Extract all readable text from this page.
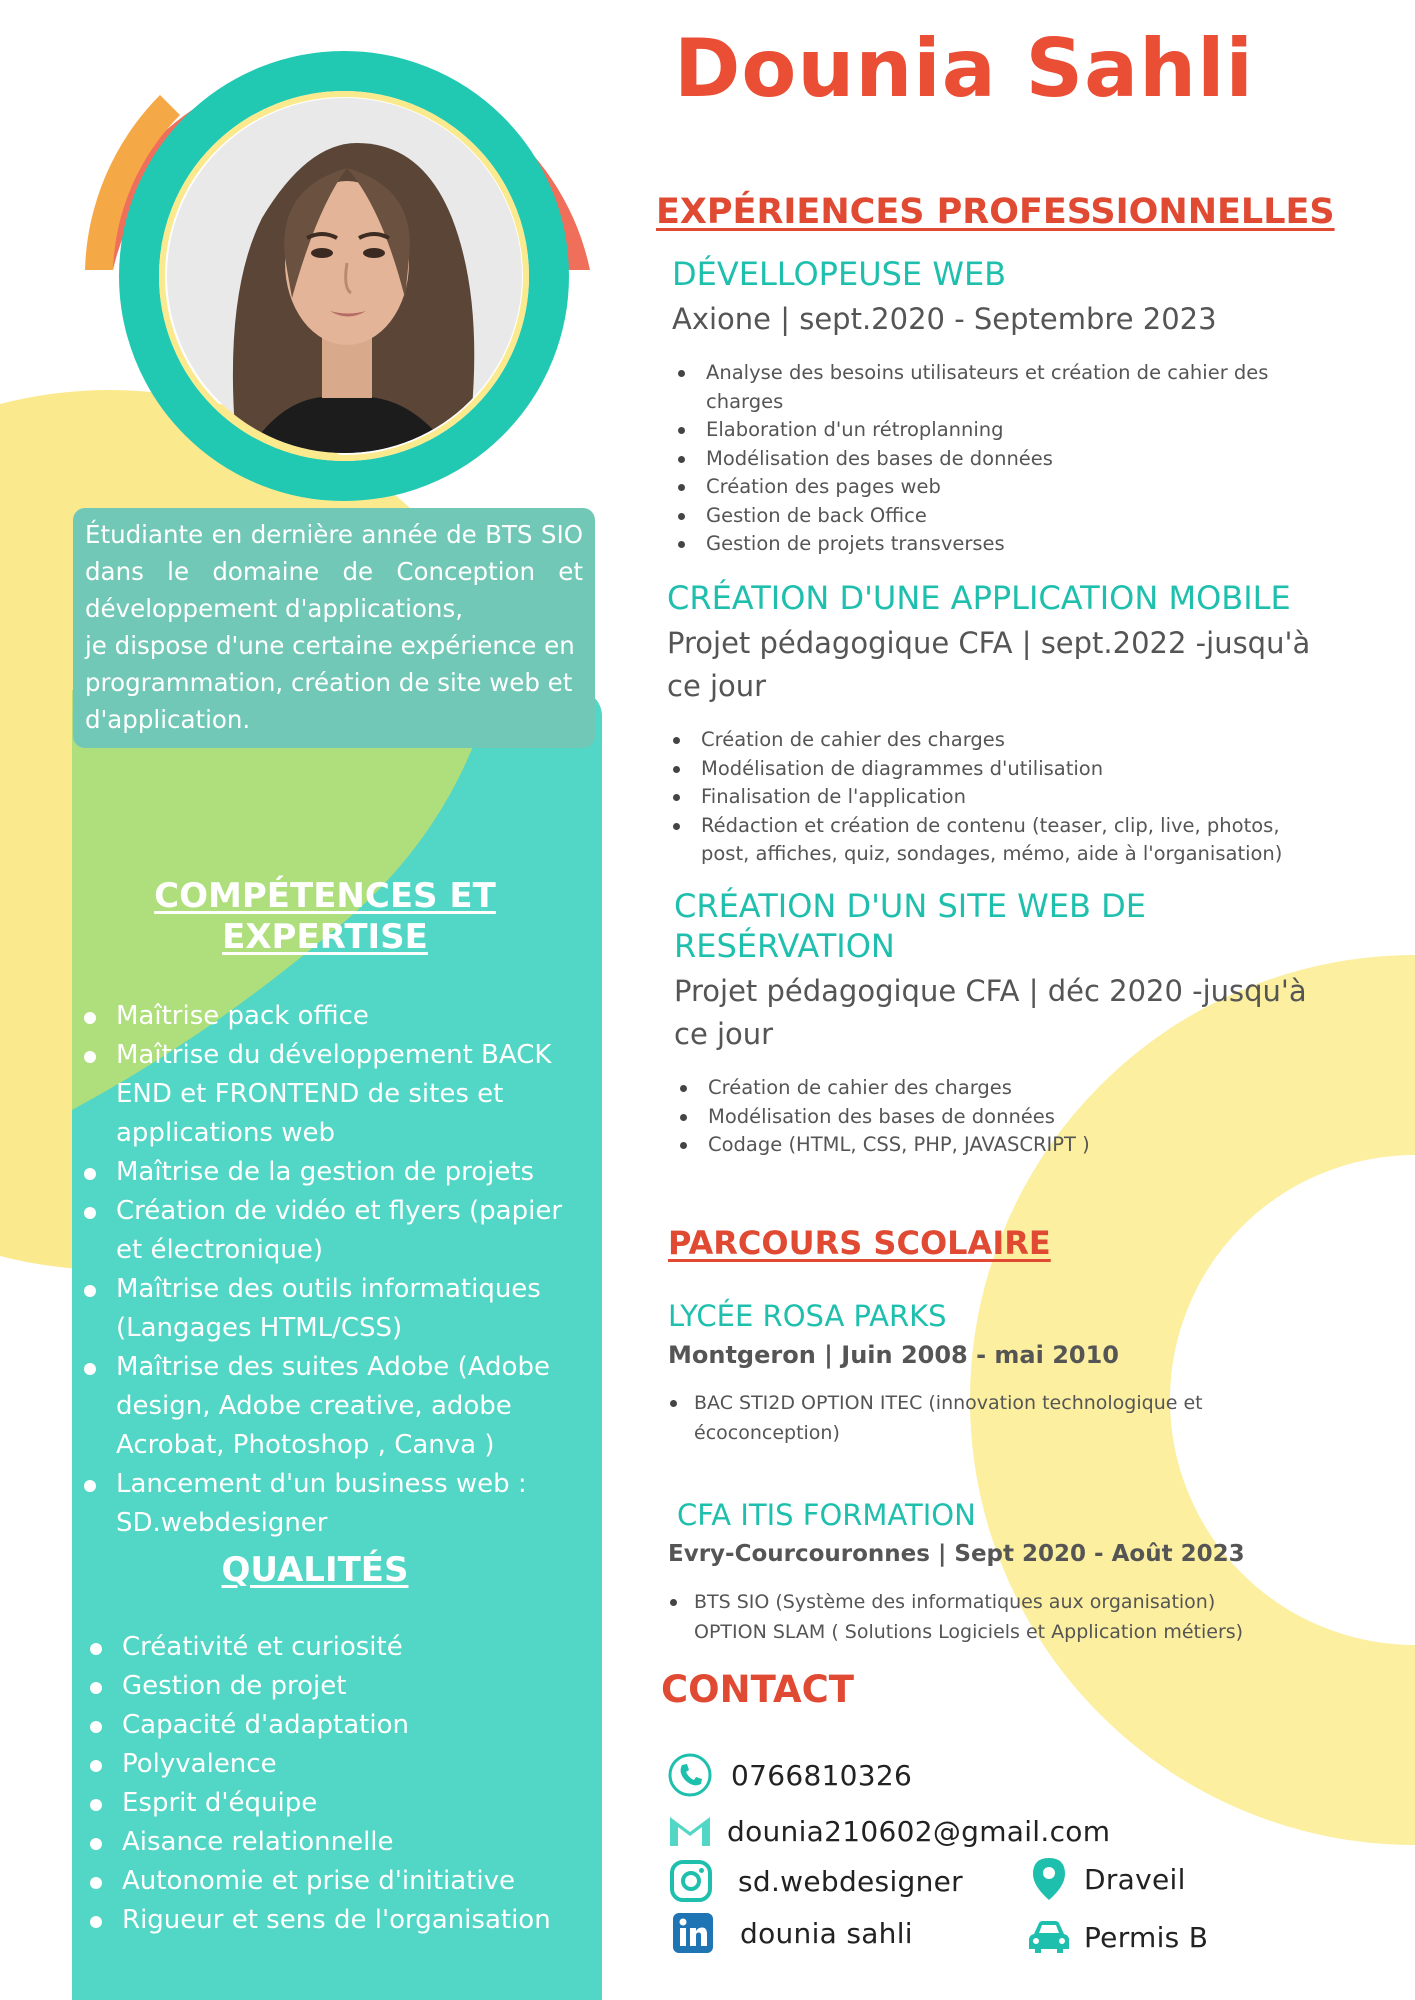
Étudiante en dernière année de BTS SIO dans le domaine de Conception et développement d'applications,
je dispose d'une certaine expérience en programmation, création de site web et d'application.
COMPÉTENCES ET EXPERTISE
Maîtrise pack office
Maîtrise du développement BACK END et FRONTEND de sites et applications web
Maîtrise de la gestion de projets
Création de vidéo et flyers (papier et électronique)
Maîtrise des outils informatiques (Langages HTML/CSS)
Maîtrise des suites Adobe (Adobe design, Adobe creative, adobe Acrobat, Photoshop , Canva )
Lancement d'un business web : SD.webdesigner
QUALITÉS
Créativité et curiosité
Gestion de projet
Capacité d'adaptation
Polyvalence
Esprit d'équipe
Aisance relationnelle
Autonomie et prise d'initiative
Rigueur et sens de l'organisation
Dounia Sahli
EXPÉRIENCES PROFESSIONNELLES
DÉVELLOPEUSE WEB
Axione | sept.2020 - Septembre 2023
Analyse des besoins utilisateurs et création de cahier des charges
Elaboration d'un rétroplanning
Modélisation des bases de données
Création des pages web
Gestion de back Office
Gestion de projets transverses
CRÉATION D'UNE APPLICATION MOBILE
Projet pédagogique CFA | sept.2022 -jusqu'à ce jour
Création de cahier des charges
Modélisation de diagrammes d'utilisation
Finalisation de l'application
Rédaction et création de contenu (teaser, clip, live, photos, post, affiches, quiz, sondages, mémo, aide à l'organisation)
CRÉATION D'UN SITE WEB DE RESÉRVATION
Projet pédagogique CFA | déc 2020 -jusqu'à ce jour
Création de cahier des charges
Modélisation des bases de données
Codage (HTML, CSS, PHP, JAVASCRIPT )
PARCOURS SCOLAIRE
LYCÉE ROSA PARKS
Montgeron | Juin 2008 - mai 2010
BAC STI2D OPTION ITEC (innovation technologique et écoconception)
CFA ITIS FORMATION
Evry-Courcouronnes | Sept 2020 - Août 2023
BTS SIO (Système des informatiques aux organisation) OPTION SLAM ( Solutions Logiciels et Application métiers)
CONTACT
0766810326
dounia210602@gmail.com
sd.webdesigner
dounia sahli
Draveil
Permis B
